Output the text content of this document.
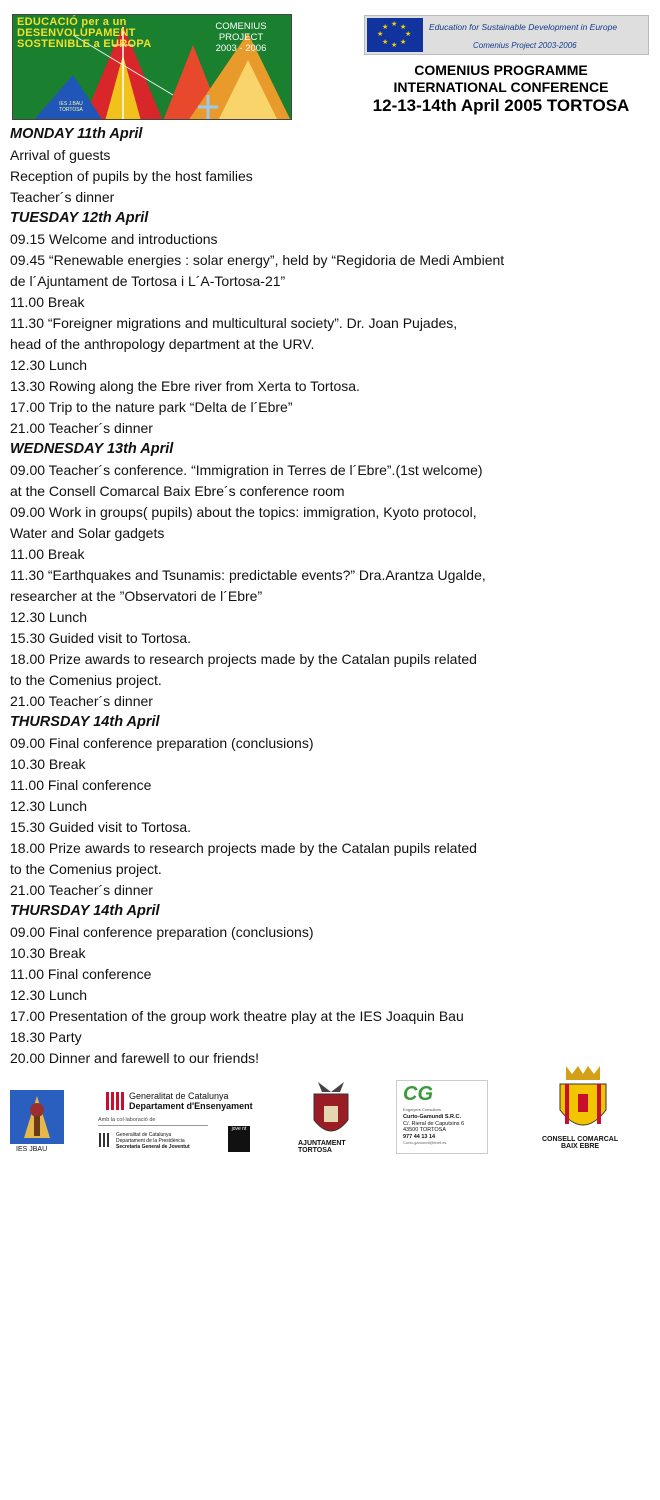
EDUCACIÓ per a un
DESENVOLUPAMENT
SOSTENIBLE a EUROPA
COMENIUS PROJECT
2003 - 2006
IES J.BAU
TORTOSA
★ ★
★
★
★
★
★
★	Education for Sustainable Development in Europe
Comenius Project 2003-2006
COMENIUS PROGRAMME
INTERNATIONAL CONFERENCE
12-13-14th April 2005 TORTOSA
MONDAY 11th April
Arrival of guests
Reception of pupils by the host families
Teacher´s dinner
TUESDAY 12th April
09.15 Welcome and introductions
09.45 “Renewable energies : solar energy”, held by “Regidoria de Medi Ambient
de l´Ajuntament de Tortosa i L´A-Tortosa-21”
11.00 Break
11.30 “Foreigner migrations and multicultural society”. Dr. Joan Pujades,
head of the anthropology department at the URV.
12.30 Lunch
13.30 Rowing along the Ebre river from Xerta to Tortosa.
17.00 Trip to the nature park “Delta de l´Ebre”
21.00 Teacher´s dinner
WEDNESDAY 13th April
09.00 Teacher´s conference. “Immigration in Terres de l´Ebre”.(1st welcome)
at the Consell Comarcal Baix Ebre´s conference room
09.00 Work in groups( pupils) about the topics: immigration, Kyoto protocol,
Water and Solar gadgets
11.00 Break
11.30 “Earthquakes and Tsunamis: predictable events?” Dra.Arantza Ugalde,
researcher at the ”Observatori de l´Ebre”
12.30 Lunch
15.30 Guided visit to Tortosa.
18.00 Prize awards to research projects made by the Catalan pupils related
to the Comenius project.
21.00 Teacher´s dinner
THURSDAY 14th April
09.00 Final conference preparation (conclusions)
10.30 Break
11.00 Final conference
12.30 Lunch
15.30 Guided visit to Tortosa.
18.00 Prize awards to research projects made by the Catalan pupils related
to the Comenius project.
21.00 Teacher´s dinner
THURSDAY 14th April
09.00 Final conference preparation (conclusions)
10.30 Break
11.00 Final conference
12.30 Lunch
17.00 Presentation of the group work theatre play at the IES Joaquin Bau
18.30 Party
20.00 Dinner and farewell to our friends!
IES JBAU
Generalitat de Catalunya
Departament d'Ensenyament
Amb la col·laboració de
Generalitat de Catalunya
Departament de la Presidència
Secretaria General de Joventut
jove nt
AJUNTAMENT
TORTOSA
CG
Enginyers Consultors
Curto-Gamundi S.R.C.
C/. Rieral de Caputxins 6
43500 TORTOSA
977 44 13 14
Curto-gamundi@tinet.es	CONSELL COMARCAL
BAIX EBRE
